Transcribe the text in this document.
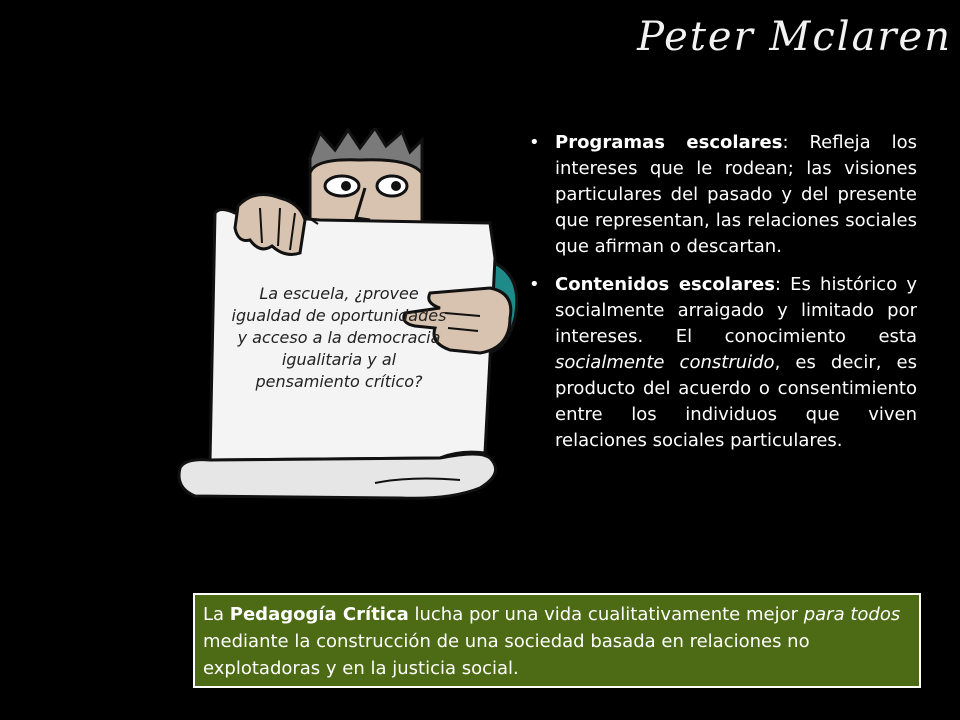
Peter Mclaren
La escuela, ¿provee igualdad de oportunidades y acceso a la democracia igualitaria y al pensamiento crítico?
• Programas escolares: Refleja los intereses que le rodean; las visiones particulares del pasado y del presente que representan, las relaciones sociales que afirman o descartan.
• Contenidos escolares: Es histórico y socialmente arraigado y limitado por intereses. El conocimiento esta socialmente construido, es decir, es producto del acuerdo o consentimiento entre los individuos que viven relaciones sociales particulares.
La Pedagogía Crítica lucha por una vida cualitativamente mejor para todos mediante la construcción de una sociedad basada en relaciones no explotadoras y en la justicia social.
